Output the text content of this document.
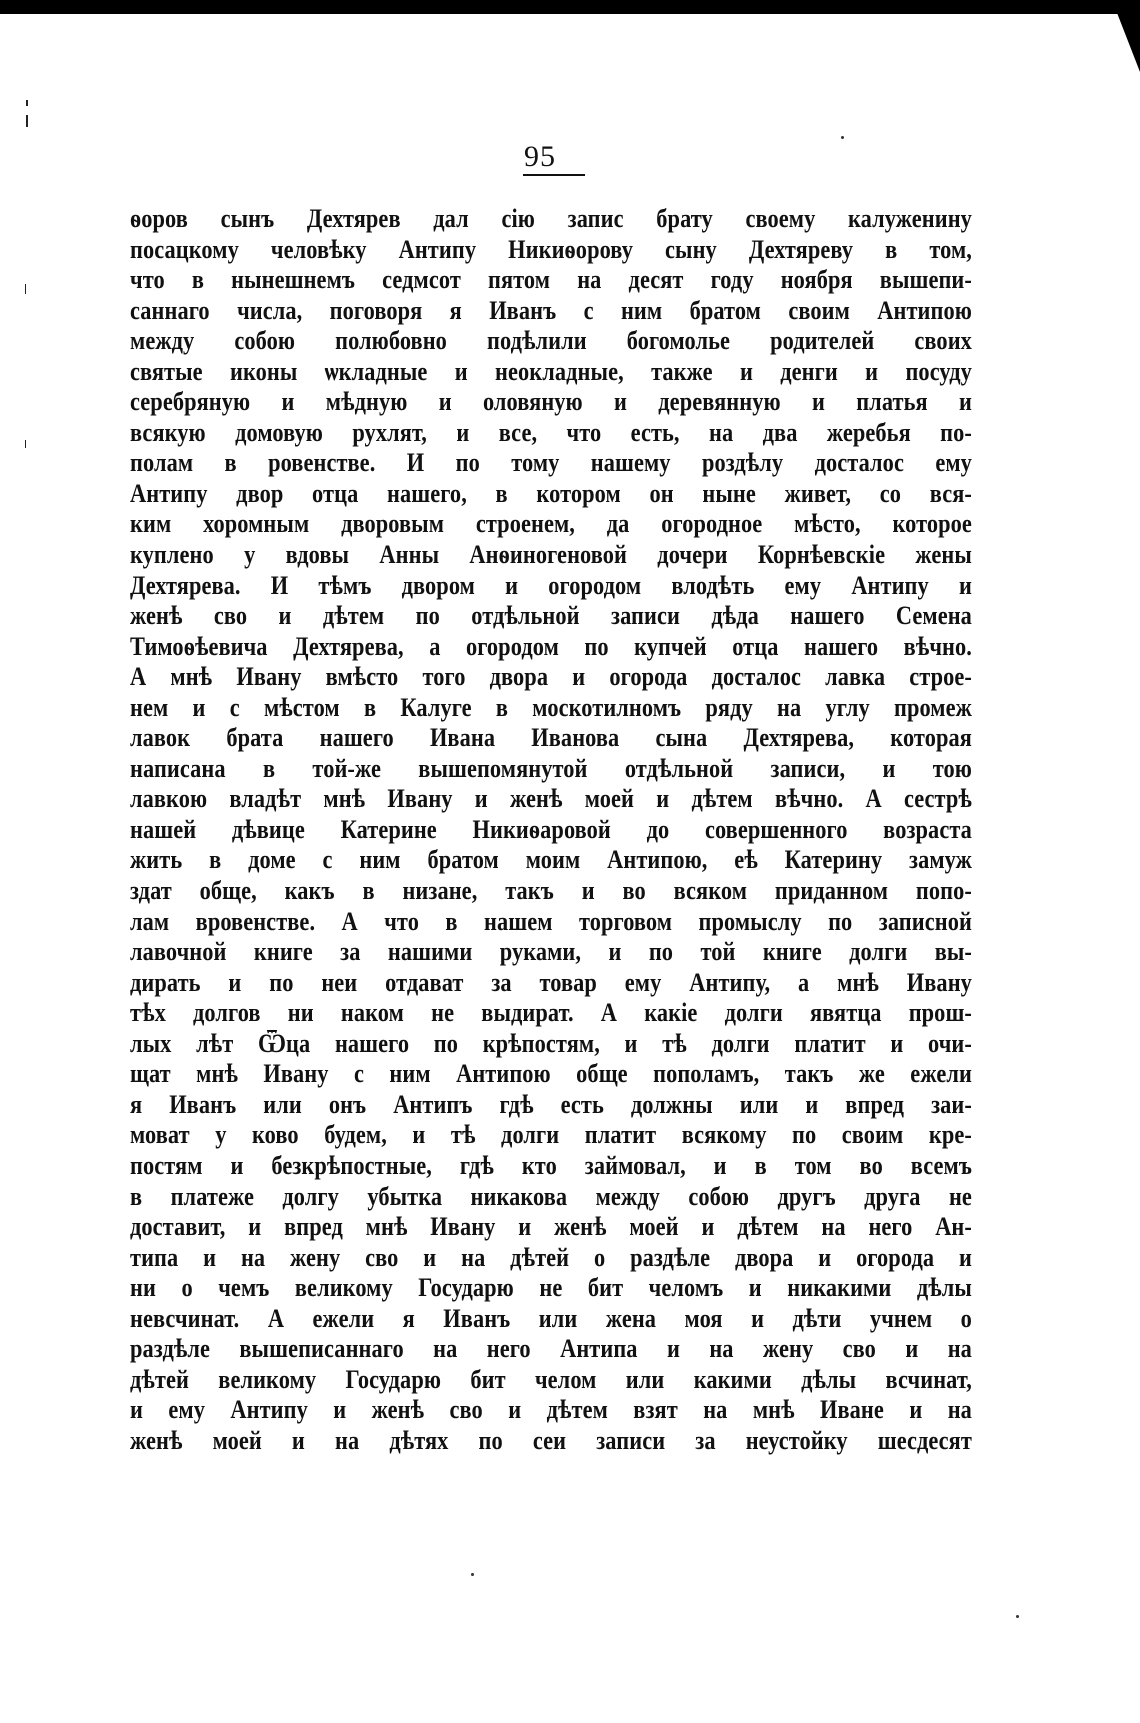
95
ѳоров сынъ Дехтярев дал сію запис брату своему калуженину
посацкому человѣку Антипу Никиѳорову сыну Дехтяреву в том,
что в нынешнемъ седмсот пятом на десят году ноября вышепи-
саннаго числа, поговоря я Иванъ с ним братом своим Антипою
между собою полюбовно подѣлили богомолье родителей своих
святые иконы ѡкладные и неокладные, также и денги и посуду
серебряную и мѣдную и оловяную и деревянную и платья и
всякую домовую рухлят, и все, что есть, на два жеребья по-
полам в ровенстве. И по тому нашему роздѣлу досталос ему
Антипу двор отца нашего, в котором он ныне живет, со вся-
ким хоромным дворовым строенем, да огородное мѣсто, которое
куплено у вдовы Анны Анѳиногеновой дочери Корнѣевскіе жены
Дехтярева. И тѣмъ двором и огородом влодѣть ему Антипу и
женѣ сво и дѣтем по отдѣльной записи дѣда нашего Семена
Тимоѳѣевича Дехтярева, а огородом по купчей отца нашего вѣчно.
А мнѣ Ивану вмѣсто того двора и огорода досталос лавка строе-
нем и с мѣстом в Калуге в москотилномъ ряду на углу промеж
лавок брата нашего Ивана Иванова сына Дехтярева, которая
написана в той-же вышепомянутой отдѣльной записи, и тою
лавкою владѣт мнѣ Ивану и женѣ моей и дѣтем вѣчно. А сестрѣ
нашей дѣвице Катерине Никиѳаровой до совершенного возраста
жить в доме с ним братом моим Антипою, еѣ Катерину замуж
здат обще, какъ в низане, такъ и во всяком приданном попо-
лам вровенстве. А что в нашем торговом промыслу по записной
лавочной книге за нашими руками, и по той книге долги вы-
дирать и по неи отдават за товар ему Антипу, а мнѣ Ивану
тѣх долгов ни наком не выдират. А какіе долги явятца прош-
лых лѣт Ѿца нашего по крѣпостям, и тѣ долги платит и очи-
щат мнѣ Ивану с ним Антипою обще пополамъ, такъ же ежели
я Иванъ или онъ Антипъ гдѣ есть должны или и впред заи-
моват у ково будем, и тѣ долги платит всякому по своим кре-
постям и безкрѣпостные, гдѣ кто займовал, и в том во всемъ
в платеже долгу убытка никакова между собою другъ друга не
доставит, и впред мнѣ Ивану и женѣ моей и дѣтем на него Ан-
типа и на жену сво и на дѣтей о раздѣле двора и огорода и
ни о чемъ великому Государю не бит челомъ и никакими дѣлы
невсчинат. А ежели я Иванъ или жена моя и дѣти учнем о
раздѣле вышеписаннаго на него Антипа и на жену сво и на
дѣтей великому Государю бит челом или какими дѣлы всчинат,
и ему Антипу и женѣ сво и дѣтем взят на мнѣ Иване и на
женѣ моей и на дѣтях по сеи записи за неустойку шесдесят
